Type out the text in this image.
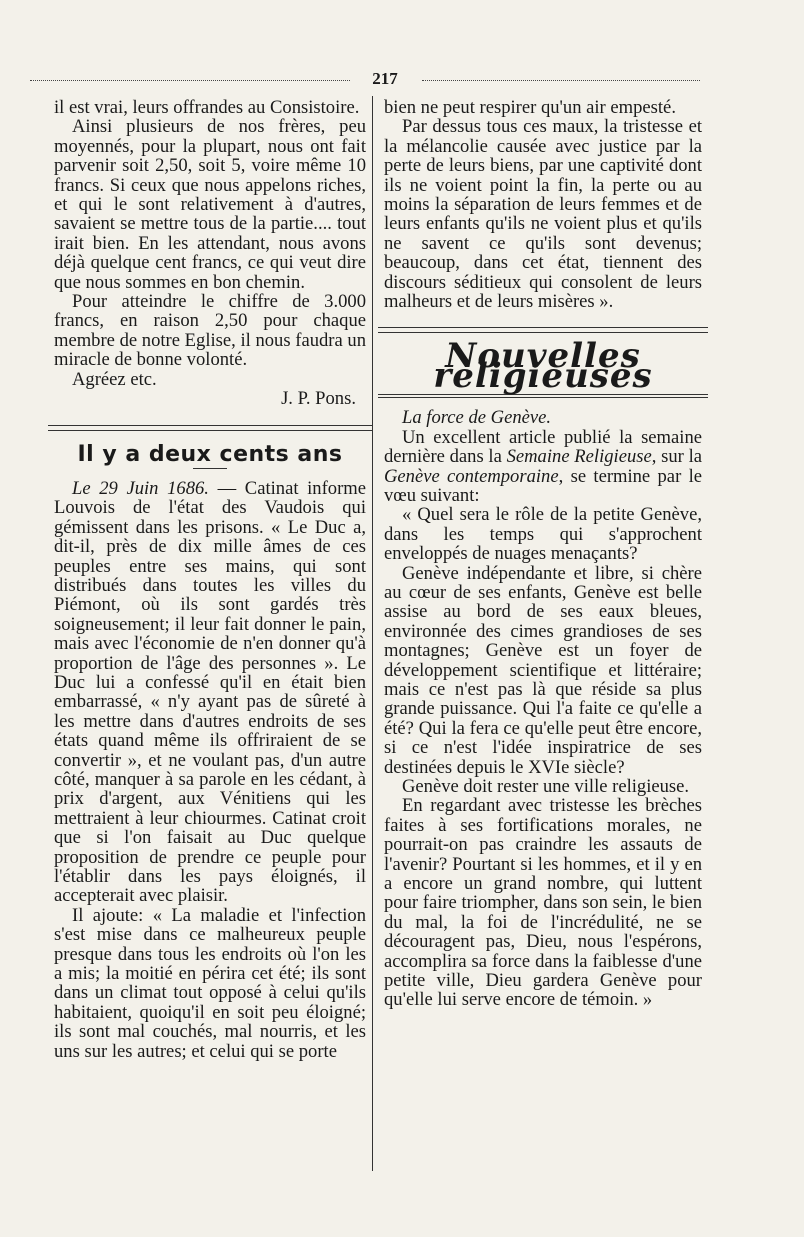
217

il est vrai, leurs offrandes au Consistoire.

Ainsi plusieurs de nos frères, peu moyennés, pour la plupart, nous ont fait parvenir soit 2,50, soit 5, voire même 10 francs. Si ceux que nous appelons riches, et qui le sont relativement à d'autres, savaient se mettre tous de la partie.... tout irait bien. En les attendant, nous avons déjà quelque cent francs, ce qui veut dire que nous sommes en bon chemin.

Pour atteindre le chiffre de 3.000 francs, en raison 2,50 pour chaque membre de notre Eglise, il nous faudra un miracle de bonne volonté.

Agréez etc.

J. P. Pons.

Il y a deux cents ans

Le 29 Juin 1686. — Catinat informe Louvois de l'état des Vaudois qui gémissent dans les prisons. « Le Duc a, dit-il, près de dix mille âmes de ces peuples entre ses mains, qui sont distribués dans toutes les villes du Piémont, où ils sont gardés très soigneusement; il leur fait donner le pain, mais avec l'économie de n'en donner qu'à proportion de l'âge des personnes ». Le Duc lui a confessé qu'il en était bien embarrassé, « n'y ayant pas de sûreté à les mettre dans d'autres endroits de ses états quand même ils offriraient de se convertir », et ne voulant pas, d'un autre côté, manquer à sa parole en les cédant, à prix d'argent, aux Vénitiens qui les mettraient à leur chiourmes. Catinat croit que si l'on faisait au Duc quelque proposition de prendre ce peuple pour l'établir dans les pays éloignés, il accepterait avec plaisir.

Il ajoute: « La maladie et l'infection s'est mise dans ce malheureux peuple presque dans tous les endroits où l'on les a mis; la moitié en périra cet été; ils sont dans un climat tout opposé à celui qu'ils habitaient, quoiqu'il en soit peu éloigné; ils sont mal couchés, mal nourris, et les uns sur les autres; et celui qui se porte

bien ne peut respirer qu'un air empesté.

Par dessus tous ces maux, la tristesse et la mélancolie causée avec justice par la perte de leurs biens, par une captivité dont ils ne voient point la fin, la perte ou au moins la séparation de leurs femmes et de leurs enfants qu'ils ne voient plus et qu'ils ne savent ce qu'ils sont devenus; beaucoup, dans cet état, tiennent des discours séditieux qui consolent de leurs malheurs et de leurs misères ».

Nouvelles religieuses

La force de Genève.

Un excellent article publié la semaine dernière dans la Semaine Religieuse, sur la Genève contemporaine, se termine par le vœu suivant:

« Quel sera le rôle de la petite Genève, dans les temps qui s'approchent enveloppés de nuages menaçants?

Genève indépendante et libre, si chère au cœur de ses enfants, Genève est belle assise au bord de ses eaux bleues, environnée des cimes grandioses de ses montagnes; Genève est un foyer de développement scientifique et littéraire; mais ce n'est pas là que réside sa plus grande puissance. Qui l'a faite ce qu'elle a été? Qui la fera ce qu'elle peut être encore, si ce n'est l'idée inspiratrice de ses destinées depuis le XVIe siècle?

Genève doit rester une ville religieuse.

En regardant avec tristesse les brèches faites à ses fortifications morales, ne pourrait-on pas craindre les assauts de l'avenir? Pourtant si les hommes, et il y en a encore un grand nombre, qui luttent pour faire triompher, dans son sein, le bien du mal, la foi de l'incrédulité, ne se découragent pas, Dieu, nous l'espérons, accomplira sa force dans la faiblesse d'une petite ville, Dieu gardera Genève pour qu'elle lui serve encore de témoin. »
